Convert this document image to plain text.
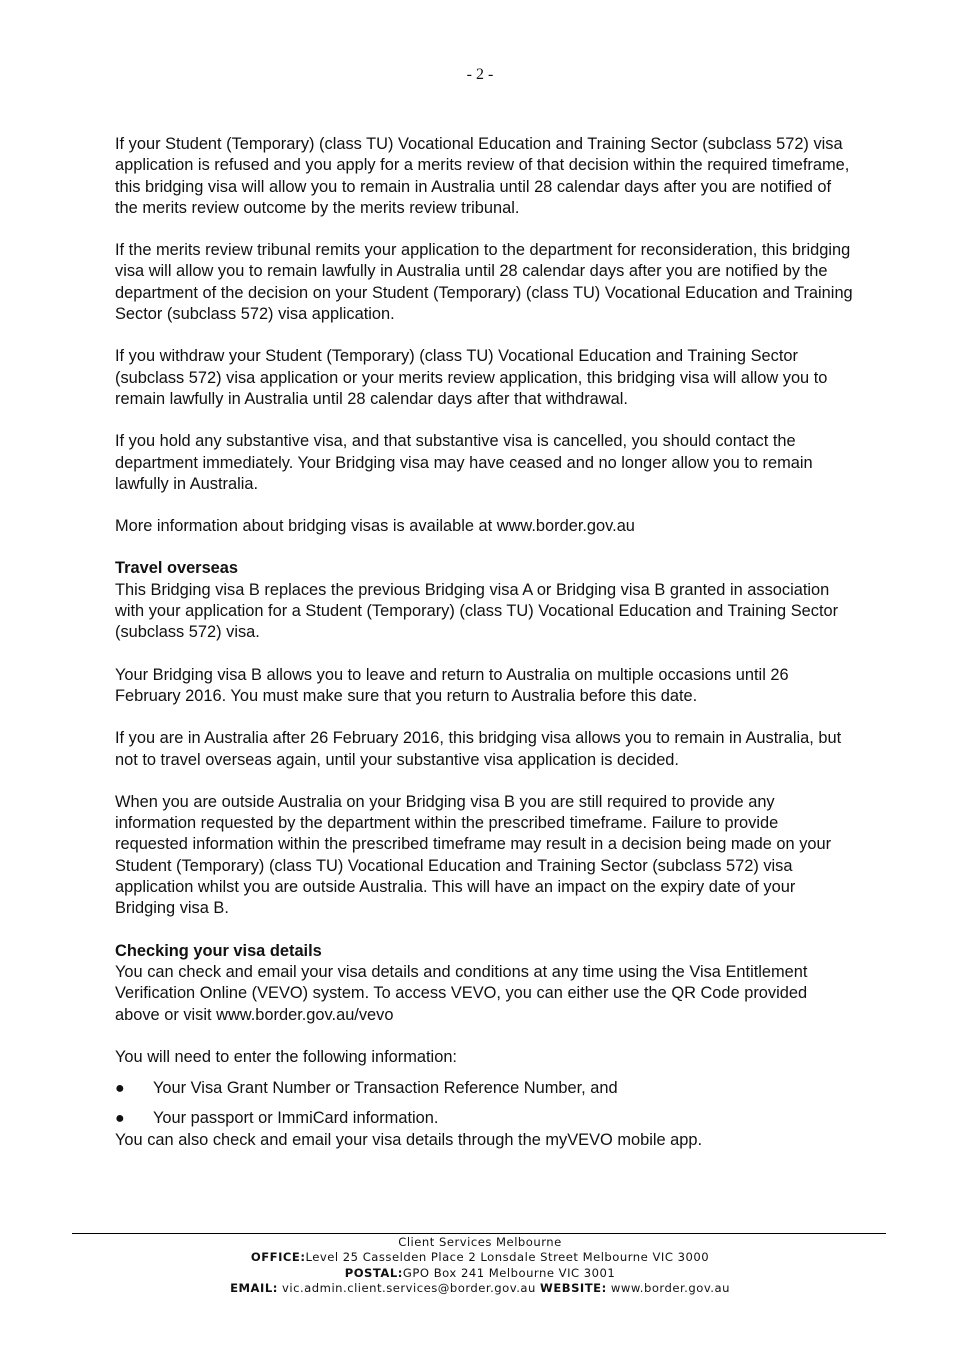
- 2 -

If your Student (Temporary) (class TU) Vocational Education and Training Sector (subclass 572) visa application is refused and you apply for a merits review of that decision within the required timeframe, this bridging visa will allow you to remain in Australia until 28 calendar days after you are notified of the merits review outcome by the merits review tribunal.

If the merits review tribunal remits your application to the department for reconsideration, this bridging visa will allow you to remain lawfully in Australia until 28 calendar days after you are notified by the department of the decision on your Student (Temporary) (class TU) Vocational Education and Training Sector (subclass 572) visa application.

If you withdraw your Student (Temporary) (class TU) Vocational Education and Training Sector (subclass 572) visa application or your merits review application, this bridging visa will allow you to remain lawfully in Australia until 28 calendar days after that withdrawal.

If you hold any substantive visa, and that substantive visa is cancelled, you should contact the department immediately. Your Bridging visa may have ceased and no longer allow you to remain lawfully in Australia.

More information about bridging visas is available at www.border.gov.au

Travel overseas

This Bridging visa B replaces the previous Bridging visa A or Bridging visa B granted in association with your application for a Student (Temporary) (class TU) Vocational Education and Training Sector (subclass 572) visa.

Your Bridging visa B allows you to leave and return to Australia on multiple occasions until 26 February 2016. You must make sure that you return to Australia before this date.

If you are in Australia after 26 February 2016, this bridging visa allows you to remain in Australia, but not to travel overseas again, until your substantive visa application is decided.

When you are outside Australia on your Bridging visa B you are still required to provide any information requested by the department within the prescribed timeframe. Failure to provide requested information within the prescribed timeframe may result in a decision being made on your Student (Temporary) (class TU) Vocational Education and Training Sector (subclass 572) visa application whilst you are outside Australia. This will have an impact on the expiry date of your Bridging visa B.

Checking your visa details

You can check and email your visa details and conditions at any time using the Visa Entitlement Verification Online (VEVO) system. To access VEVO, you can either use the QR Code provided above or visit www.border.gov.au/vevo

You will need to enter the following information:

● Your Visa Grant Number or Transaction Reference Number, and
● Your passport or ImmiCard information.

You can also check and email your visa details through the myVEVO mobile app.

Client Services Melbourne
OFFICE:Level 25 Casselden Place 2 Lonsdale Street Melbourne VIC 3000
POSTAL:GPO Box 241 Melbourne VIC 3001
EMAIL: vic.admin.client.services@border.gov.au WEBSITE: www.border.gov.au
